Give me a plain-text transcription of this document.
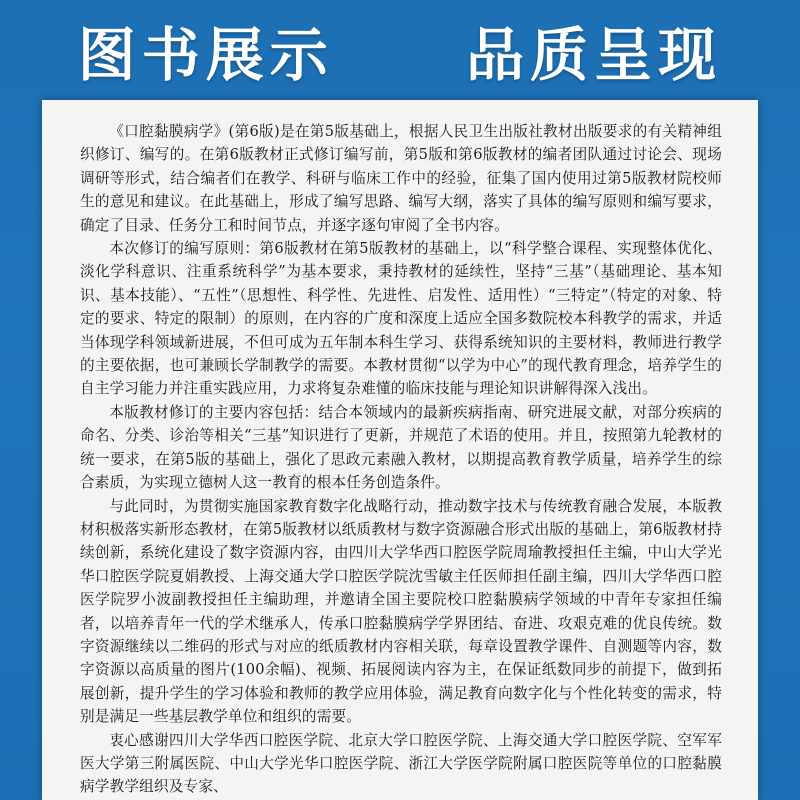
图书展示  品质呈现

《口腔黏膜病学》(第6版)是在第5版基础上，根据人民卫生出版社教材出版要求的有关精神组织修订、编写的。在第6版教材正式修订编写前，第5版和第6版教材的编者团队通过讨论会、现场调研等形式，结合编者们在教学、科研与临床工作中的经验，征集了国内使用过第5版教材院校师生的意见和建议。在此基础上，形成了编写思路、编写大纲，落实了具体的编写原则和编写要求，确定了目录、任务分工和时间节点，并逐字逐句审阅了全书内容。

本次修订的编写原则：第6版教材在第5版教材的基础上，以“科学整合课程、实现整体优化、淡化学科意识、注重系统科学”为基本要求，秉持教材的延续性，坚持“三基”（基础理论、基本知识、基本技能）、“五性”（思想性、科学性、先进性、启发性、适用性）“三特定”（特定的对象、特定的要求、特定的限制）的原则，在内容的广度和深度上适应全国多数院校本科教学的需求，并适当体现学科领域新进展，不但可成为五年制本科生学习、获得系统知识的主要材料，教师进行教学的主要依据，也可兼顾长学制教学的需要。本教材贯彻“以学为中心”的现代教育理念，培养学生的自主学习能力并注重实践应用，力求将复杂难懂的临床技能与理论知识讲解得深入浅出。

本版教材修订的主要内容包括：结合本领域内的最新疾病指南、研究进展文献，对部分疾病的命名、分类、诊治等相关“三基”知识进行了更新，并规范了术语的使用。并且，按照第九轮教材的统一要求，在第5版的基础上，强化了思政元素融入教材，以期提高教育教学质量，培养学生的综合素质，为实现立德树人这一教育的根本任务创造条件。

与此同时，为贯彻实施国家教育数字化战略行动，推动数字技术与传统教育融合发展，本版教材积极落实新形态教材，在第5版教材以纸质教材与数字资源融合形式出版的基础上，第6版教材持续创新，系统化建设了数字资源内容，由四川大学华西口腔医学院周瑜教授担任主编，中山大学光华口腔医学院夏娟教授、上海交通大学口腔医学院沈雪敏主任医师担任副主编，四川大学华西口腔医学院罗小波副教授担任主编助理，并邀请全国主要院校口腔黏膜病学领域的中青年专家担任编者，以培养青年一代的学术继承人，传承口腔黏膜病学学界团结、奋进、攻艰克难的优良传统。数字资源继续以二维码的形式与对应的纸质教材内容相关联，每章设置教学课件、自测题等内容，数字资源以高质量的图片(100余幅)、视频、拓展阅读内容为主，在保证纸数同步的前提下，做到拓展创新，提升学生的学习体验和教师的教学应用体验，满足教育向数字化与个性化转变的需求，特别是满足一些基层教学单位和组织的需要。

衷心感谢四川大学华西口腔医学院、北京大学口腔医学院、上海交通大学口腔医学院、空军军医大学第三附属医院、中山大学光华口腔医学院、浙江大学医学院附属口腔医院等单位的口腔黏膜病学教学组织及专家、
